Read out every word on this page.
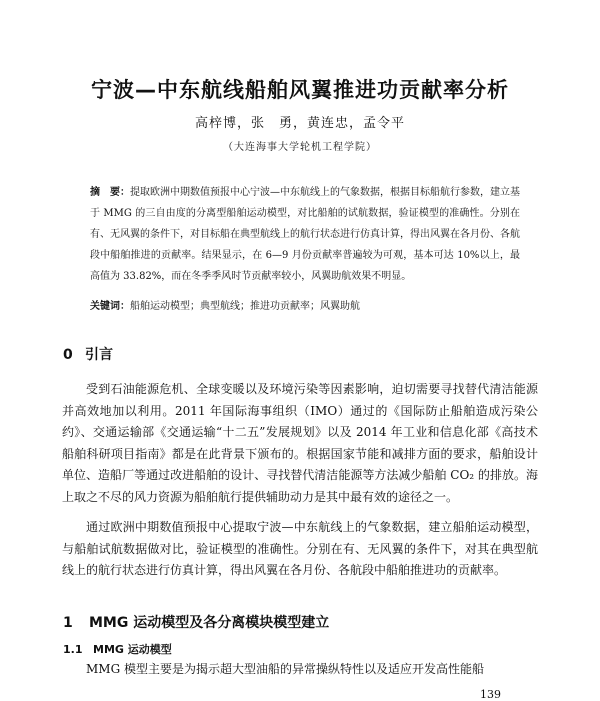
宁波—中东航线船舶风翼推进功贡献率分析
高梓博，张　勇，黄连忠，孟令平
（大连海事大学轮机工程学院）
摘　要：提取欧洲中期数值预报中心宁波—中东航线上的气象数据，根据目标船航行参数，建立基于 MMG 的三自由度的分离型船舶运动模型，对比船舶的试航数据，验证模型的准确性。分别在有、无风翼的条件下，对目标船在典型航线上的航行状态进行仿真计算，得出风翼在各月份、各航段中船舶推进的贡献率。结果显示，在 6—9 月份贡献率普遍较为可观，基本可达 10%以上，最高值为 33.82%，而在冬季季风时节贡献率较小，风翼助航效果不明显。
关键词：船舶运动模型；典型航线；推进功贡献率；风翼助航
0 引言
受到石油能源危机、全球变暖以及环境污染等因素影响，迫切需要寻找替代清洁能源并高效地加以利用。2011 年国际海事组织（IMO）通过的《国际防止船舶造成污染公约》、交通运输部《交通运输“十二五”发展规划》以及 2014 年工业和信息化部《高技术船舶科研项目指南》都是在此背景下颁布的。根据国家节能和减排方面的要求，船舶设计单位、造船厂等通过改进船舶的设计、寻找替代清洁能源等方法减少船舶 CO₂ 的排放。海上取之不尽的风力资源为船舶航行提供辅助动力是其中最有效的途径之一。
通过欧洲中期数值预报中心提取宁波—中东航线上的气象数据，建立船舶运动模型，与船舶试航数据做对比，验证模型的准确性。分别在有、无风翼的条件下，对其在典型航线上的航行状态进行仿真计算，得出风翼在各月份、各航段中船舶推进功的贡献率。
1 MMG 运动模型及各分离模块模型建立
1.1 MMG 运动模型
MMG 模型主要是为揭示超大型油船的异常操纵特性以及适应开发高性能船
139
